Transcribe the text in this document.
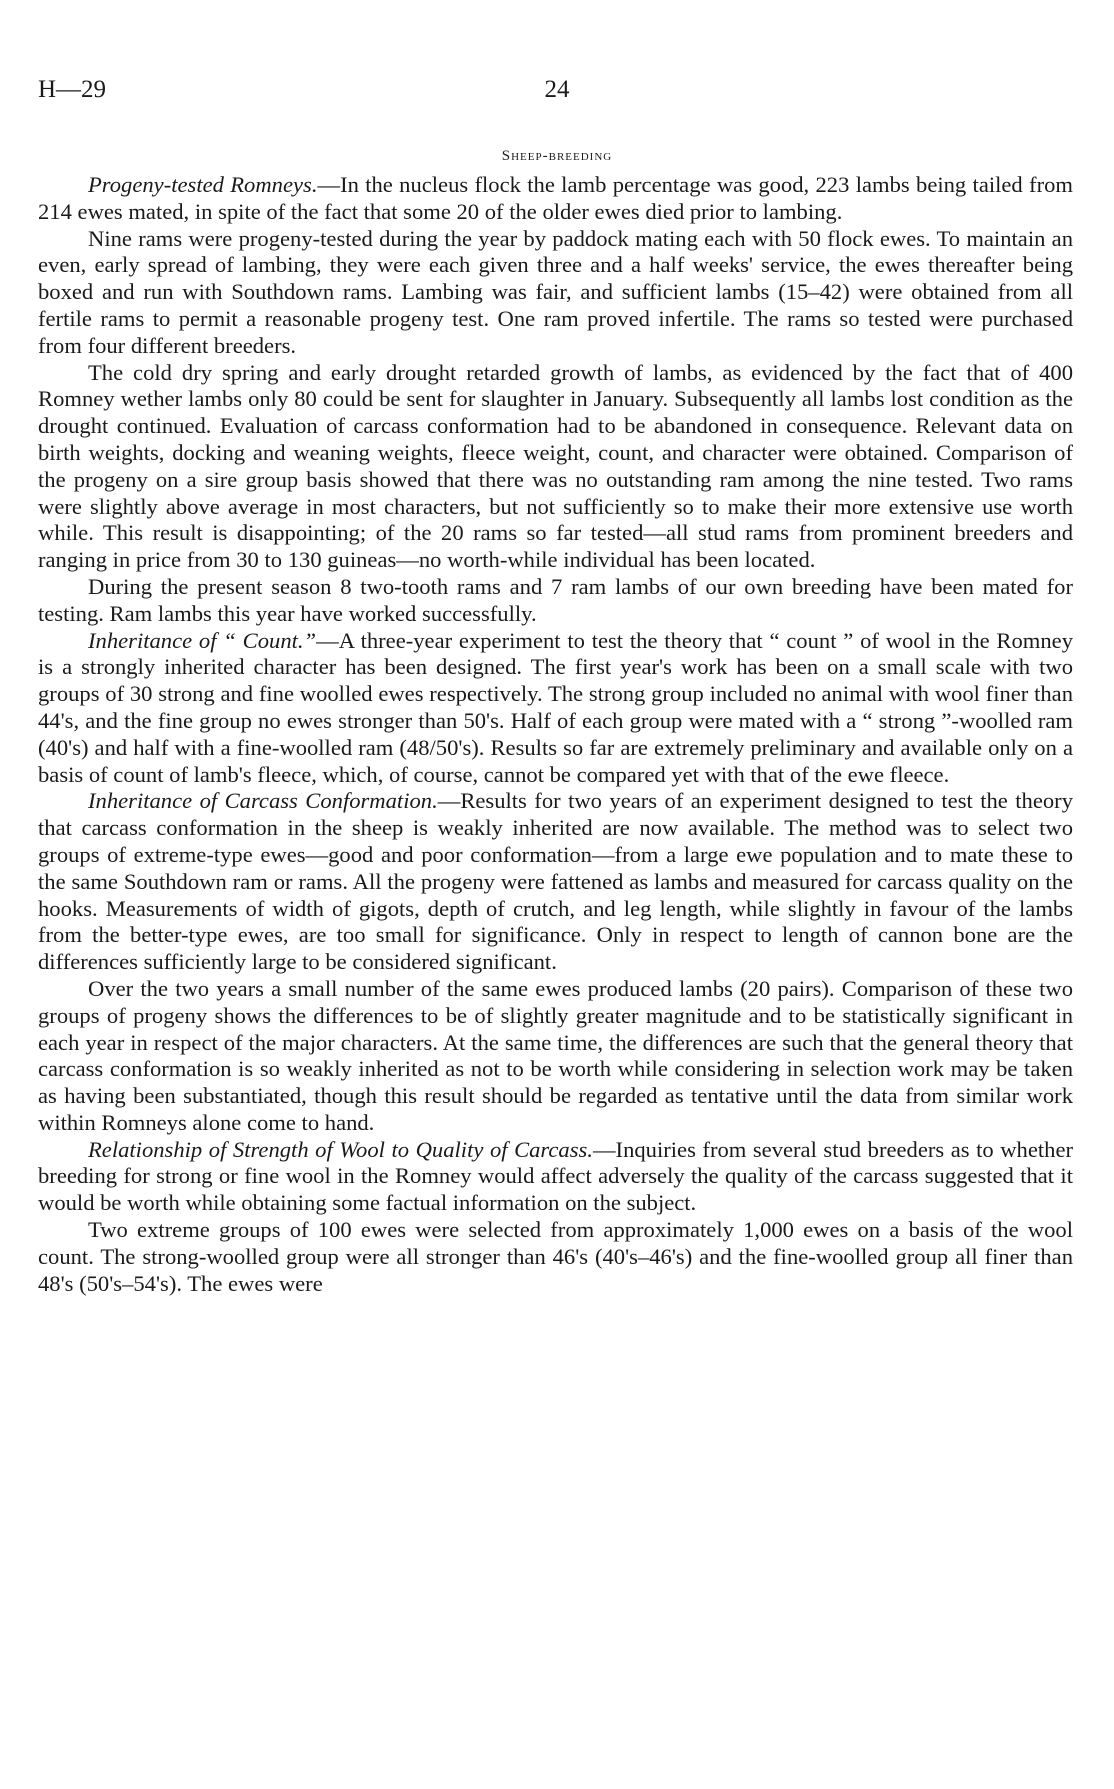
H—29	24
Sheep-breeding

Progeny-tested Romneys.—In the nucleus flock the lamb percentage was good, 223 lambs being tailed from 214 ewes mated, in spite of the fact that some 20 of the older ewes died prior to lambing.

Nine rams were progeny-tested during the year by paddock mating each with 50 flock ewes. To maintain an even, early spread of lambing, they were each given three and a half weeks' service, the ewes thereafter being boxed and run with Southdown rams. Lambing was fair, and sufficient lambs (15–42) were obtained from all fertile rams to permit a reasonable progeny test. One ram proved infertile. The rams so tested were purchased from four different breeders.

The cold dry spring and early drought retarded growth of lambs, as evidenced by the fact that of 400 Romney wether lambs only 80 could be sent for slaughter in January. Subsequently all lambs lost condition as the drought continued. Evaluation of carcass conformation had to be abandoned in consequence. Relevant data on birth weights, docking and weaning weights, fleece weight, count, and character were obtained. Comparison of the progeny on a sire group basis showed that there was no outstanding ram among the nine tested. Two rams were slightly above average in most characters, but not sufficiently so to make their more extensive use worth while. This result is disappointing; of the 20 rams so far tested—all stud rams from prominent breeders and ranging in price from 30 to 130 guineas—no worth-while individual has been located.

During the present season 8 two-tooth rams and 7 ram lambs of our own breeding have been mated for testing. Ram lambs this year have worked successfully.

Inheritance of “ Count.”—A three-year experiment to test the theory that “ count ” of wool in the Romney is a strongly inherited character has been designed. The first year's work has been on a small scale with two groups of 30 strong and fine woolled ewes respectively. The strong group included no animal with wool finer than 44's, and the fine group no ewes stronger than 50's. Half of each group were mated with a “ strong ”-woolled ram (40's) and half with a fine-woolled ram (48/50's). Results so far are extremely preliminary and available only on a basis of count of lamb's fleece, which, of course, cannot be compared yet with that of the ewe fleece.

Inheritance of Carcass Conformation.—Results for two years of an experiment designed to test the theory that carcass conformation in the sheep is weakly inherited are now available. The method was to select two groups of extreme-type ewes—good and poor conformation—from a large ewe population and to mate these to the same Southdown ram or rams. All the progeny were fattened as lambs and measured for carcass quality on the hooks. Measurements of width of gigots, depth of crutch, and leg length, while slightly in favour of the lambs from the better-type ewes, are too small for significance. Only in respect to length of cannon bone are the differences sufficiently large to be considered significant.

Over the two years a small number of the same ewes produced lambs (20 pairs). Comparison of these two groups of progeny shows the differences to be of slightly greater magnitude and to be statistically significant in each year in respect of the major characters. At the same time, the differences are such that the general theory that carcass conformation is so weakly inherited as not to be worth while considering in selection work may be taken as having been substantiated, though this result should be regarded as tentative until the data from similar work within Romneys alone come to hand.

Relationship of Strength of Wool to Quality of Carcass.—Inquiries from several stud breeders as to whether breeding for strong or fine wool in the Romney would affect adversely the quality of the carcass suggested that it would be worth while obtaining some factual information on the subject.

Two extreme groups of 100 ewes were selected from approximately 1,000 ewes on a basis of the wool count. The strong-woolled group were all stronger than 46's (40's–46's) and the fine-woolled group all finer than 48's (50's–54's). The ewes were
